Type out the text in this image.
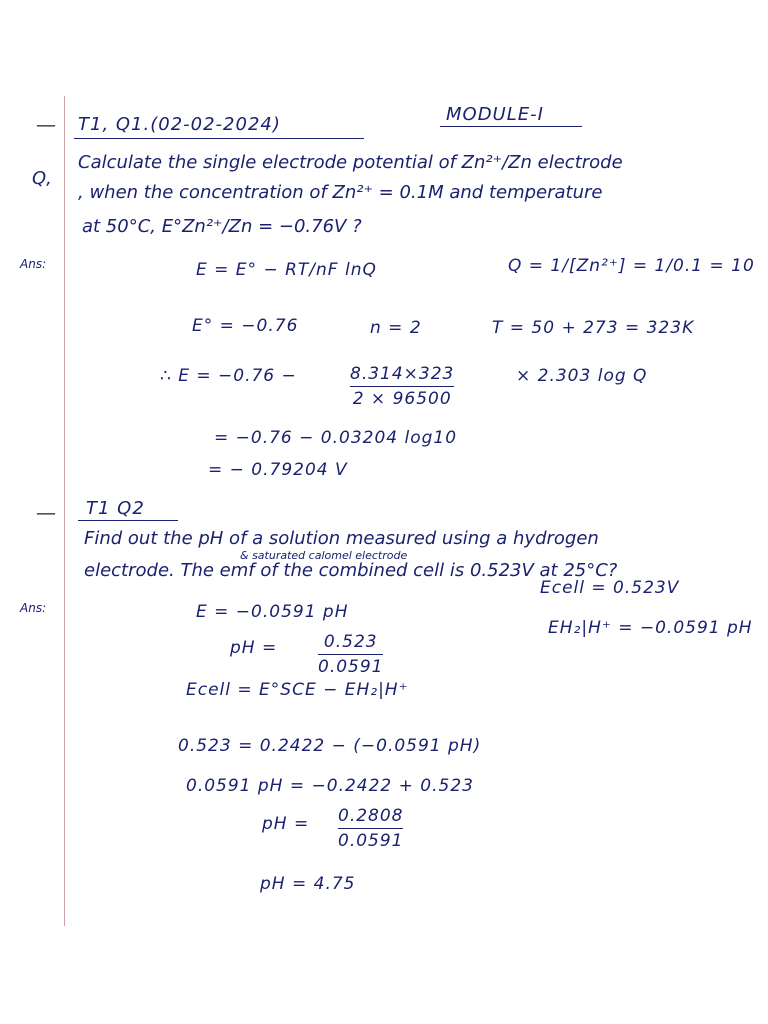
— T1, Q1.(02-02-2024)	MODULE-I
Q,
Calculate the single electrode potential of Zn²⁺/Zn electrode
, when the concentration of Zn²⁺ = 0.1M and temperature
at 50°C, E°Zn²⁺/Zn = −0.76V ?
Ans:	E = E° − RT/nF lnQ	Q = 1/[Zn²⁺] = 1/0.1 = 10
E° = −0.76	n = 2	T = 50 + 273 = 323K
∴ E = −0.76 −	8.314×323
2 × 96500
× 2.303 log Q
= −0.76 − 0.03204 log10
= − 0.79204 V
— T1 Q2
Find out the pH of a solution measured using a hydrogen
& saturated calomel electrode
electrode. The emf of the combined cell is 0.523V at 25°C?
Ans:	E = −0.0591 pH
Ecell = 0.523V
EH₂|H⁺ = −0.0591 pH
pH =	0.523
0.0591
Ecell = E°SCE − EH₂|H⁺
0.523 = 0.2422 − (−0.0591 pH)
0.0591 pH = −0.2422 + 0.523
pH = 0.2808
0.0591
pH = 4.75
